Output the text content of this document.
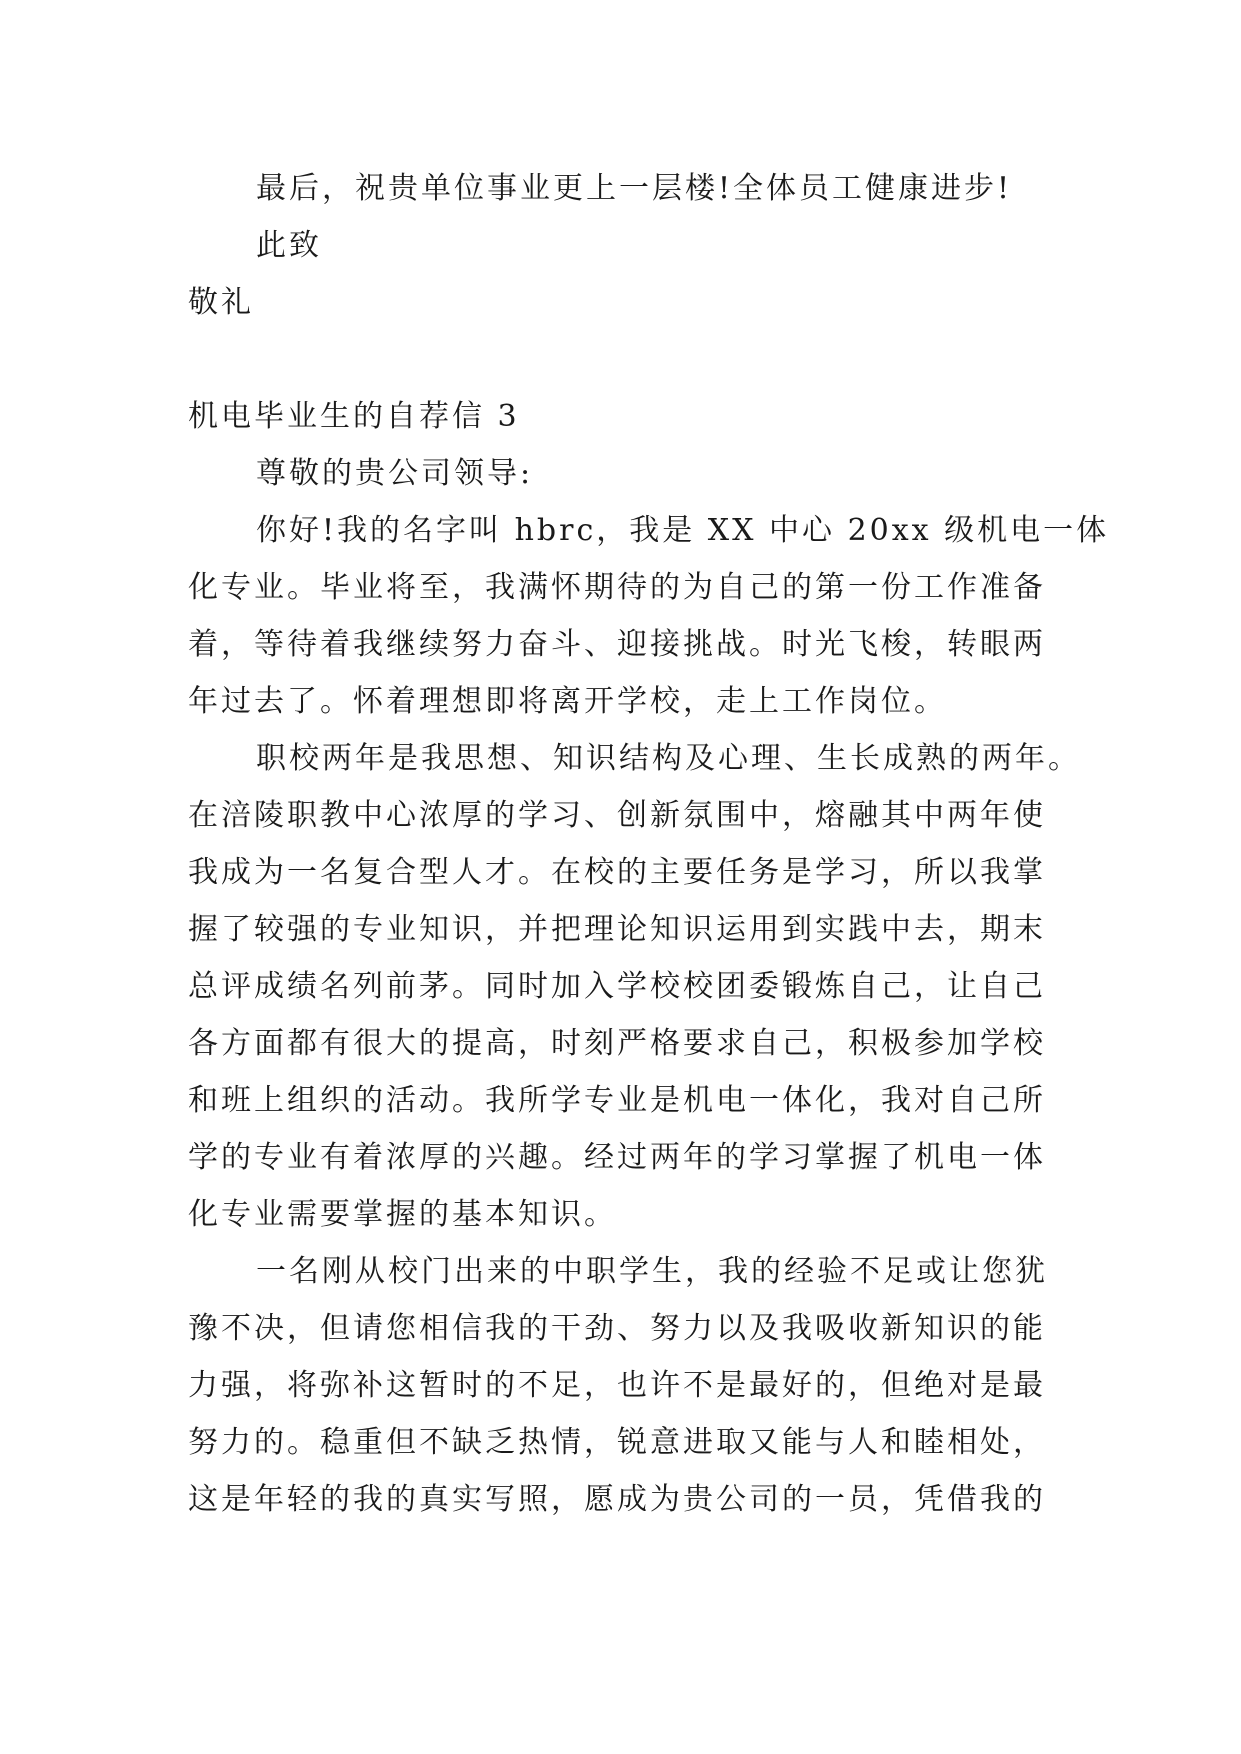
最后，祝贵单位事业更上一层楼!全体员工健康进步!
此致
敬礼
机电毕业生的自荐信 3
尊敬的贵公司领导:
你好!我的名字叫 hbrc，我是 XX 中心 20xx 级机电一体
化专业。毕业将至，我满怀期待的为自己的第一份工作准备
着，等待着我继续努力奋斗、迎接挑战。时光飞梭，转眼两
年过去了。怀着理想即将离开学校，走上工作岗位。
职校两年是我思想、知识结构及心理、生长成熟的两年。
在涪陵职教中心浓厚的学习、创新氛围中，熔融其中两年使
我成为一名复合型人才。在校的主要任务是学习，所以我掌
握了较强的专业知识，并把理论知识运用到实践中去，期末
总评成绩名列前茅。同时加入学校校团委锻炼自己，让自己
各方面都有很大的提高，时刻严格要求自己，积极参加学校
和班上组织的活动。我所学专业是机电一体化，我对自己所
学的专业有着浓厚的兴趣。经过两年的学习掌握了机电一体
化专业需要掌握的基本知识。
一名刚从校门出来的中职学生，我的经验不足或让您犹
豫不决，但请您相信我的干劲、努力以及我吸收新知识的能
力强，将弥补这暂时的不足，也许不是最好的，但绝对是最
努力的。稳重但不缺乏热情，锐意进取又能与人和睦相处，
这是年轻的我的真实写照，愿成为贵公司的一员，凭借我的
